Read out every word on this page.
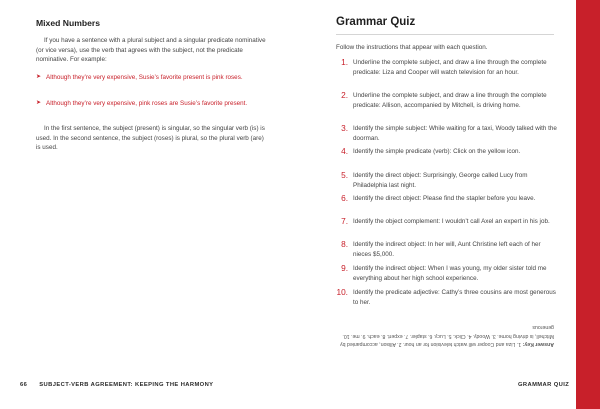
Mixed Numbers
If you have a sentence with a plural subject and a singular predicate nominative (or vice versa), use the verb that agrees with the subject, not the predicate nominative. For example:
➤ Although they’re very expensive, Susie’s favorite present is pink roses.
➤ Although they’re very expensive, pink roses are Susie’s favorite present.
In the first sentence, the subject (present) is singular, so the singular verb (is) is used. In the second sentence, the subject (roses) is plural, so the plural verb (are) is used.
66 SUBJECT-VERB AGREEMENT: KEEPING THE HARMONY
Grammar Quiz
Follow the instructions that appear with each question.
1. Underline the complete subject, and draw a line through the complete predicate: Liza and Cooper will watch television for an hour.
2. Underline the complete subject, and draw a line through the complete predicate: Allison, accompanied by Mitchell, is driving home.
3. Identify the simple subject: While waiting for a taxi, Woody talked with the doorman.
4. Identify the simple predicate (verb): Click on the yellow icon.
5. Identify the direct object: Surprisingly, George called Lucy from Philadelphia last night.
6. Identify the direct object: Please find the stapler before you leave.
7. Identify the object complement: I wouldn’t call Axel an expert in his job.
8. Identify the indirect object: In her will, Aunt Christine left each of her nieces $5,000.
9. Identify the indirect object: When I was young, my older sister told me everything about her high school experience.
10. Identify the predicate adjective: Cathy’s three cousins are most generous to her.
Answer Key: 1. Liza and Cooper will watch television for an hour. 2. Allison, accompanied by Mitchell, is driving home. 3. Woody. 4. Click. 5. Lucy. 6. stapler. 7. expert. 8. each. 9. me. 10. generous
GRAMMAR QUIZ
